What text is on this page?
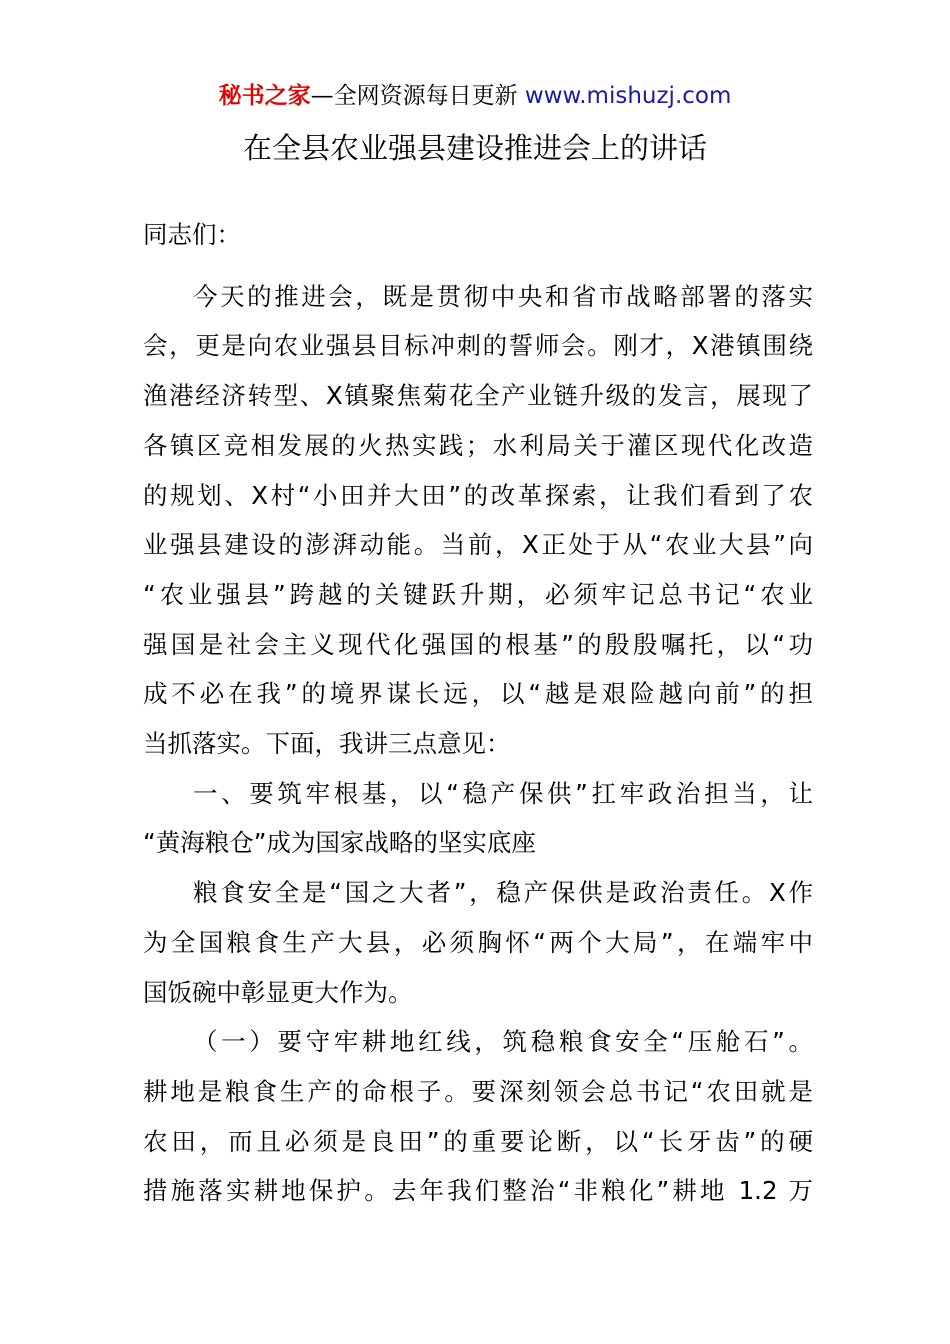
秘书之家—全网资源每日更新 www.mishuzj.com
在全县农业强县建设推进会上的讲话
同志们：
今天的推进会，既是贯彻中央和省市战略部署的落实
会，更是向农业强县目标冲刺的誓师会。刚才，X港镇围绕
渔港经济转型、X镇聚焦菊花全产业链升级的发言，展现了
各镇区竞相发展的火热实践；水利局关于灌区现代化改造
的规划、X村“小田并大田”的改革探索，让我们看到了农
业强县建设的澎湃动能。当前，X正处于从“农业大县”向
“农业强县”跨越的关键跃升期，必须牢记总书记“农业
强国是社会主义现代化强国的根基”的殷殷嘱托，以“功
成不必在我”的境界谋长远，以“越是艰险越向前”的担
当抓落实。下面，我讲三点意见：
一、要筑牢根基，以“稳产保供”扛牢政治担当，让
“黄海粮仓”成为国家战略的坚实底座
粮食安全是“国之大者”，稳产保供是政治责任。X作
为全国粮食生产大县，必须胸怀“两个大局”，在端牢中
国饭碗中彰显更大作为。
（一）要守牢耕地红线，筑稳粮食安全“压舱石”。
耕地是粮食生产的命根子。要深刻领会总书记“农田就是
农田，而且必须是良田”的重要论断，以“长牙齿”的硬
措施落实耕地保护。去年我们整治“非粮化”耕地 1.2 万
